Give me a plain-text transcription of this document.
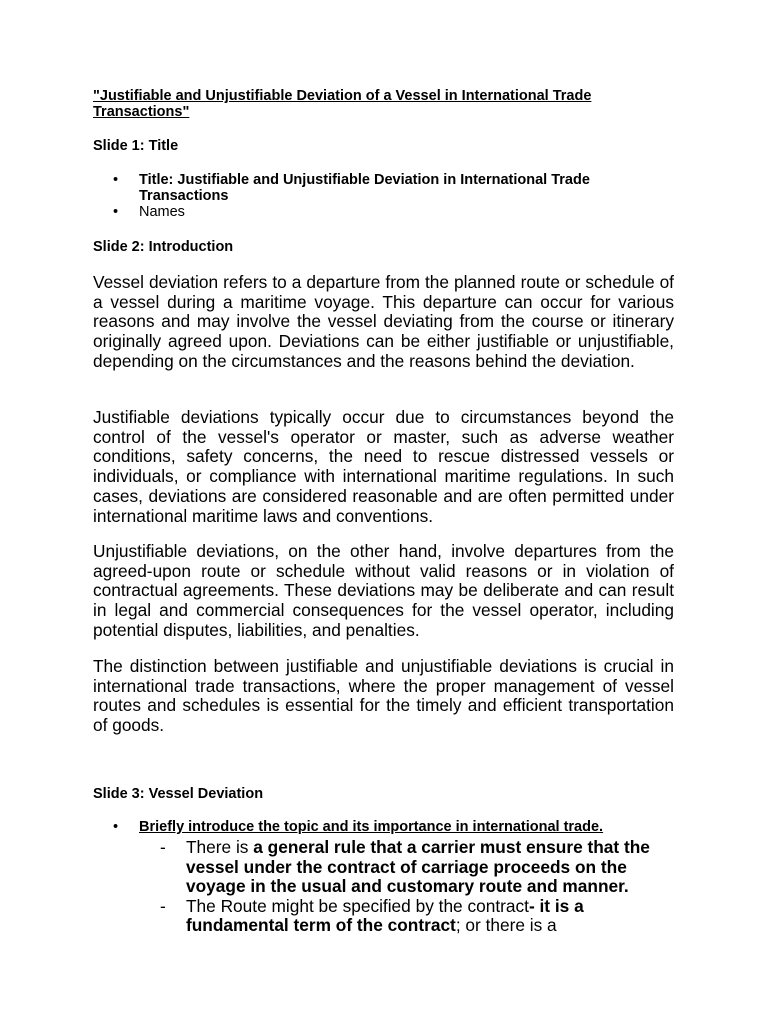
"Justifiable and Unjustifiable Deviation of a Vessel in International Trade Transactions"
Slide 1: Title
• Title: Justifiable and Unjustifiable Deviation in International Trade Transactions
• Names
Slide 2: Introduction

Vessel deviation refers to a departure from the planned route or schedule of a vessel during a maritime voyage. This departure can occur for various reasons and may involve the vessel deviating from the course or itinerary originally agreed upon. Deviations can be either justifiable or unjustifiable, depending on the circumstances and the reasons behind the deviation.

Justifiable deviations typically occur due to circumstances beyond the control of the vessel's operator or master, such as adverse weather conditions, safety concerns, the need to rescue distressed vessels or individuals, or compliance with international maritime regulations. In such cases, deviations are considered reasonable and are often permitted under international maritime laws and conventions.

Unjustifiable deviations, on the other hand, involve departures from the agreed-upon route or schedule without valid reasons or in violation of contractual agreements. These deviations may be deliberate and can result in legal and commercial consequences for the vessel operator, including potential disputes, liabilities, and penalties.

The distinction between justifiable and unjustifiable deviations is crucial in international trade transactions, where the proper management of vessel routes and schedules is essential for the timely and efficient transportation of goods.

Slide 3: Vessel Deviation
• Briefly introduce the topic and its importance in international trade.
- There is a general rule that a carrier must ensure that the vessel under the contract of carriage proceeds on the voyage in the usual and customary route and manner.
- The Route might be specified by the contract- it is a fundamental term of the contract; or there is a
